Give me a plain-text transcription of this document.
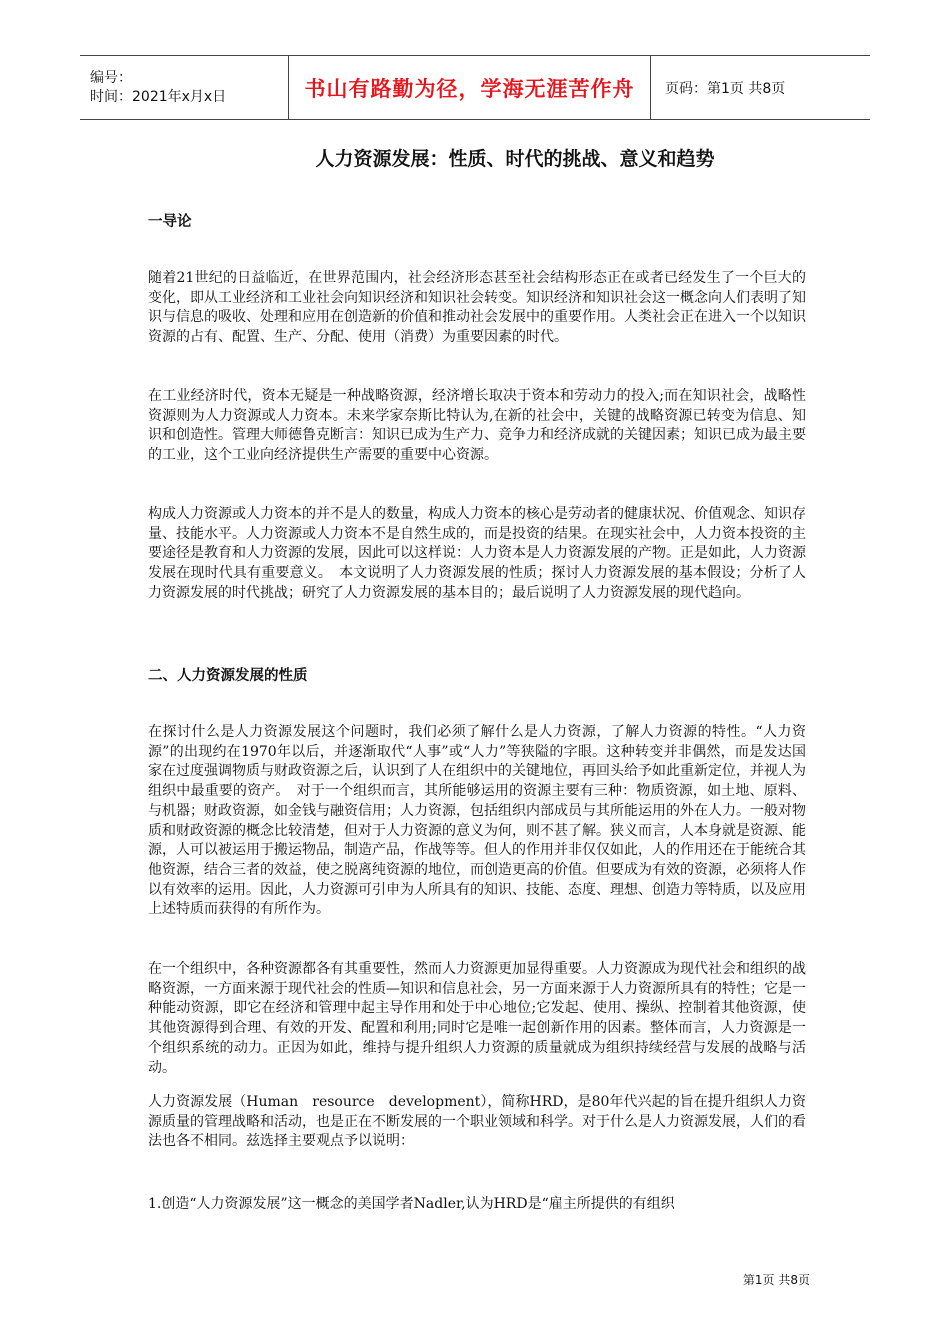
编号：
时间：2021年x月x日	书山有路勤为径，学海无涯苦作舟	页码：第1页 共8页
人力资源发展：性质、时代的挑战、意义和趋势
一导论

随着21世纪的日益临近，在世界范围内，社会经济形态甚至社会结构形态正在或者已经发生了一个巨大的变化，即从工业经济和工业社会向知识经济和知识社会转变。知识经济和知识社会这一概念向人们表明了知识与信息的吸收、处理和应用在创造新的价值和推动社会发展中的重要作用。人类社会正在进入一个以知识资源的占有、配置、生产、分配、使用（消费）为重要因素的时代。

在工业经济时代，资本无疑是一种战略资源，经济增长取决于资本和劳动力的投入;而在知识社会，战略性资源则为人力资源或人力资本。未来学家奈斯比特认为,在新的社会中，关键的战略资源已转变为信息、知识和创造性。管理大师德鲁克断言：知识已成为生产力、竞争力和经济成就的关键因素；知识已成为最主要的工业，这个工业向经济提供生产需要的重要中心资源。

构成人力资源或人力资本的并不是人的数量，构成人力资本的核心是劳动者的健康状况、价值观念、知识存量、技能水平。人力资源或人力资本不是自然生成的，而是投资的结果。在现实社会中，人力资本投资的主要途径是教育和人力资源的发展，因此可以这样说：人力资本是人力资源发展的产物。正是如此，人力资源发展在现时代具有重要意义。　本文说明了人力资源发展的性质；探讨人力资源发展的基本假设；分析了人力资源发展的时代挑战；研究了人力资源发展的基本目的；最后说明了人力资源发展的现代趋向。

二、人力资源发展的性质

在探讨什么是人力资源发展这个问题时，我们必须了解什么是人力资源，了解人力资源的特性。“人力资源”的出现约在1970年以后，并逐渐取代“人事”或“人力”等狭隘的字眼。这种转变并非偶然，而是发达国家在过度强调物质与财政资源之后，认识到了人在组织中的关键地位，再回头给予如此重新定位，并视人为组织中最重要的资产。　对于一个组织而言，其所能够运用的资源主要有三种：物质资源，如土地、原料、与机器；财政资源，如金钱与融资信用；人力资源，包括组织内部成员与其所能运用的外在人力。一般对物质和财政资源的概念比较清楚，但对于人力资源的意义为何，则不甚了解。狭义而言，人本身就是资源、能源，人可以被运用于搬运物品，制造产品，作战等等。但人的作用并非仅仅如此，人的作用还在于能统合其他资源，结合三者的效益，使之脱离纯资源的地位，而创造更高的价值。但要成为有效的资源，必须将人作以有效率的运用。因此，人力资源可引申为人所具有的知识、技能、态度、理想、创造力等特质，以及应用上述特质而获得的有所作为。

在一个组织中，各种资源都各有其重要性，然而人力资源更加显得重要。人力资源成为现代社会和组织的战略资源，一方面来源于现代社会的性质—知识和信息社会，另一方面来源于人力资源所具有的特性；它是一种能动资源，即它在经济和管理中起主导作用和处于中心地位;它发起、使用、操纵、控制着其他资源，使其他资源得到合理、有效的开发、配置和利用;同时它是唯一起创新作用的因素。整体而言，人力资源是一个组织系统的动力。正因为如此，维持与提升组织人力资源的质量就成为组织持续经营与发展的战略与活动。

人力资源发展（Human　resource　development），简称HRD，是80年代兴起的旨在提升组织人力资源质量的管理战略和活动，也是正在不断发展的一个职业领域和科学。对于什么是人力资源发展，人们的看法也各不相同。兹选择主要观点予以说明：

1.创造“人力资源发展”这一概念的美国学者Nadler,认为HRD是“雇主所提供的有组织

第1页 共8页
